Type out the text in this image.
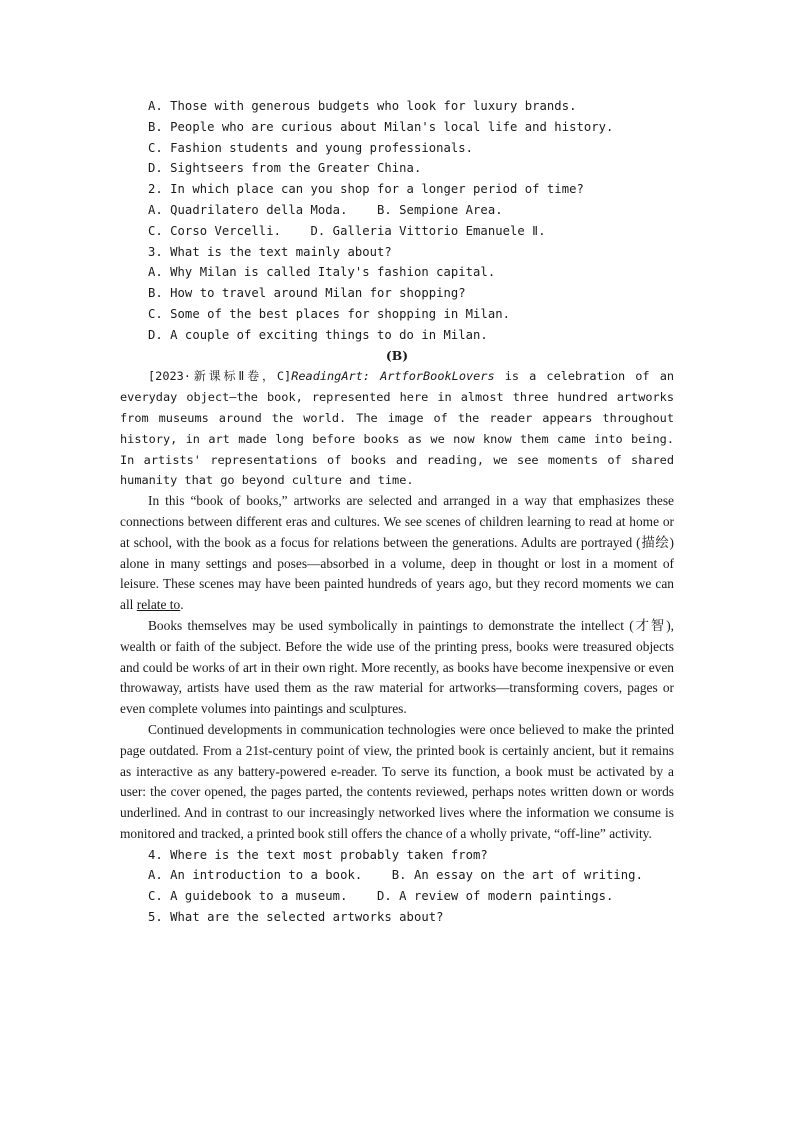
A. Those with generous budgets who look for luxury brands.
B. People who are curious about Milan's local life and history.
C. Fashion students and young professionals.
D. Sightseers from the Greater China.
2. In which place can you shop for a longer period of time?
A. Quadrilatero della Moda.    B. Sempione Area.
C. Corso Vercelli.    D. Galleria Vittorio Emanuele Ⅱ.
3. What is the text mainly about?
A. Why Milan is called Italy's fashion capital.
B. How to travel around Milan for shopping?
C. Some of the best places for shopping in Milan.
D. A couple of exciting things to do in Milan.
(B)
[2023·新课标Ⅱ卷，C]ReadingArt: ArtforBookLovers is a celebration of an everyday object—the book, represented here in almost three hundred artworks from museums around the world. The image of the reader appears throughout history, in art made long before books as we now know them came into being. In artists' representations of books and reading, we see moments of shared humanity that go beyond culture and time.
In this “book of books,” artworks are selected and arranged in a way that emphasizes these connections between different eras and cultures. We see scenes of children learning to read at home or at school, with the book as a focus for relations between the generations. Adults are portrayed (描绘) alone in many settings and poses—absorbed in a volume, deep in thought or lost in a moment of leisure. These scenes may have been painted hundreds of years ago, but they record moments we can all relate to.
Books themselves may be used symbolically in paintings to demonstrate the intellect (才智), wealth or faith of the subject. Before the wide use of the printing press, books were treasured objects and could be works of art in their own right. More recently, as books have become inexpensive or even throwaway, artists have used them as the raw material for artworks—transforming covers, pages or even complete volumes into paintings and sculptures.
Continued developments in communication technologies were once believed to make the printed page outdated. From a 21st-century point of view, the printed book is certainly ancient, but it remains as interactive as any battery-powered e-reader. To serve its function, a book must be activated by a user: the cover opened, the pages parted, the contents reviewed, perhaps notes written down or words underlined. And in contrast to our increasingly networked lives where the information we consume is monitored and tracked, a printed book still offers the chance of a wholly private, “off-line” activity.
4. Where is the text most probably taken from?
A. An introduction to a book.    B. An essay on the art of writing.
C. A guidebook to a museum.    D. A review of modern paintings.
5. What are the selected artworks about?
